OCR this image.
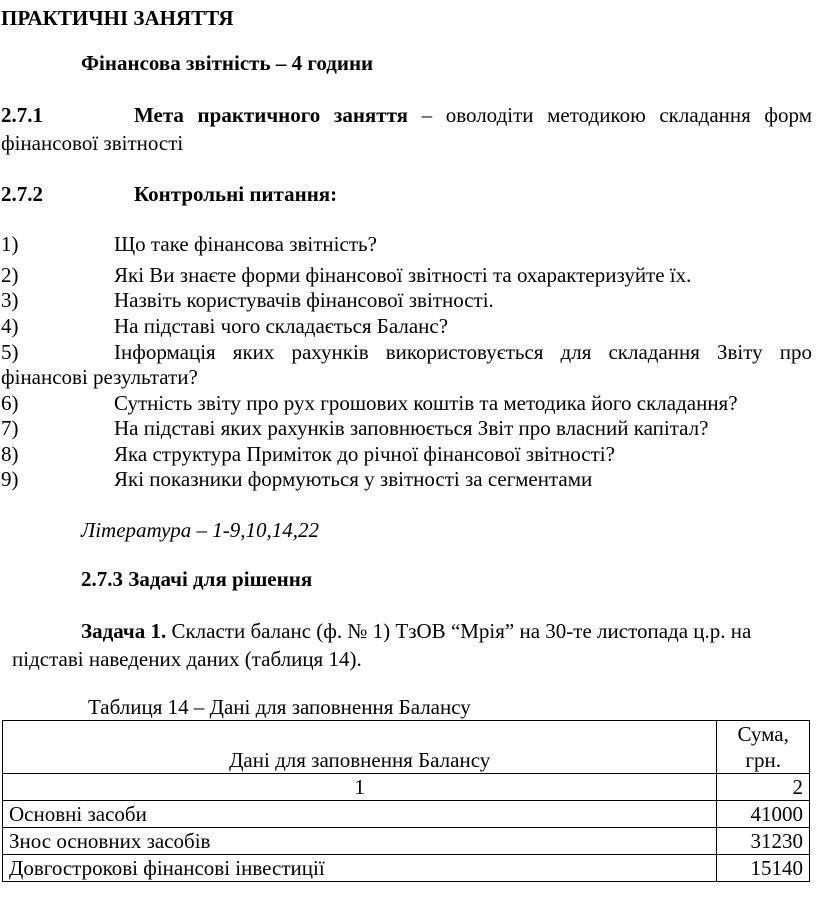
ПРАКТИЧНІ ЗАНЯТТЯ
Фінансова звітність – 4 години
2.7.1	Мета практичного заняття – оволодіти методикою складання форм
фінансової звітності
2.7.2	Контрольні питання:
1)	Що таке фінансова звітність?
2)	Які Ви знаєте форми фінансової звітності та охарактеризуйте їх.
3)	Назвіть користувачів фінансової звітності.
4)	На підставі чого складається Баланс?
5)	Інформація яких рахунків використовується для складання Звіту про
фінансові результати?
6)	Сутність звіту про рух грошових коштів та методика його складання?
7)	На підставі яких рахунків заповнюється Звіт про власний капітал?
8)	Яка структура Приміток до річної фінансової звітності?
9)	Які показники формуються у звітності за сегментами
Література – 1-9,10,14,22
2.7.3 Задачі для рішення
Задача 1. Скласти баланс (ф. № 1) ТзОВ “Мрія” на 30-те листопада ц.р. на
підставі наведених даних (таблиця 14).
Таблиця 14 – Дані для заповнення Балансу
Дані для заповнення Балансу	Сума,
грн.

1	2
Основні засоби	41000
Знос основних засобів	31230
Довгострокові фінансові інвестиції	15140
